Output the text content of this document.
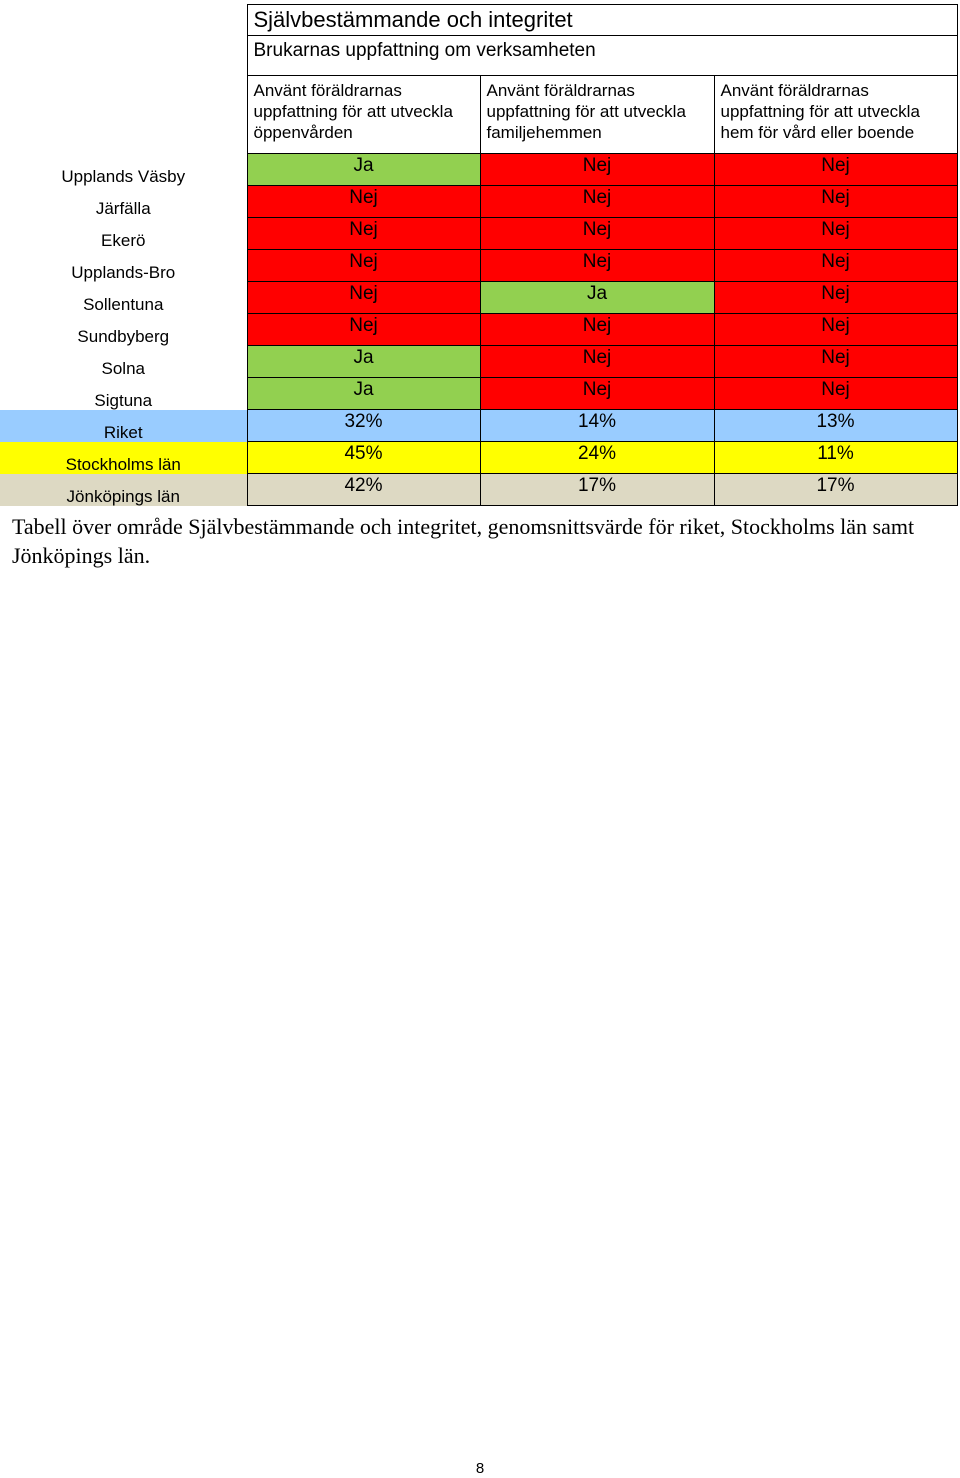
	Självbestämmande och integritet		
	Brukarnas uppfattning om verksamheten		
	Använt föräldrarnas uppfattning för att utveckla öppenvården	Använt föräldrarnas uppfattning för att utveckla familjehemmen	Använt föräldrarnas uppfattning för att utveckla hem för vård eller boende
Upplands Väsby	Ja	Nej	Nej
Järfälla	Nej	Nej	Nej
Ekerö	Nej	Nej	Nej
Upplands-Bro	Nej	Nej	Nej
Sollentuna	Nej	Ja	Nej
Sundbyberg	Nej	Nej	Nej
Solna	Ja	Nej	Nej
Sigtuna	Ja	Nej	Nej
Riket	32%	14%	13%
Stockholms län	45%	24%	11%
Jönköpings län	42%	17%	17%
Tabell över område Självbestämmande och integritet, genomsnittsvärde för riket, Stockholms län samt Jönköpings län.
8
